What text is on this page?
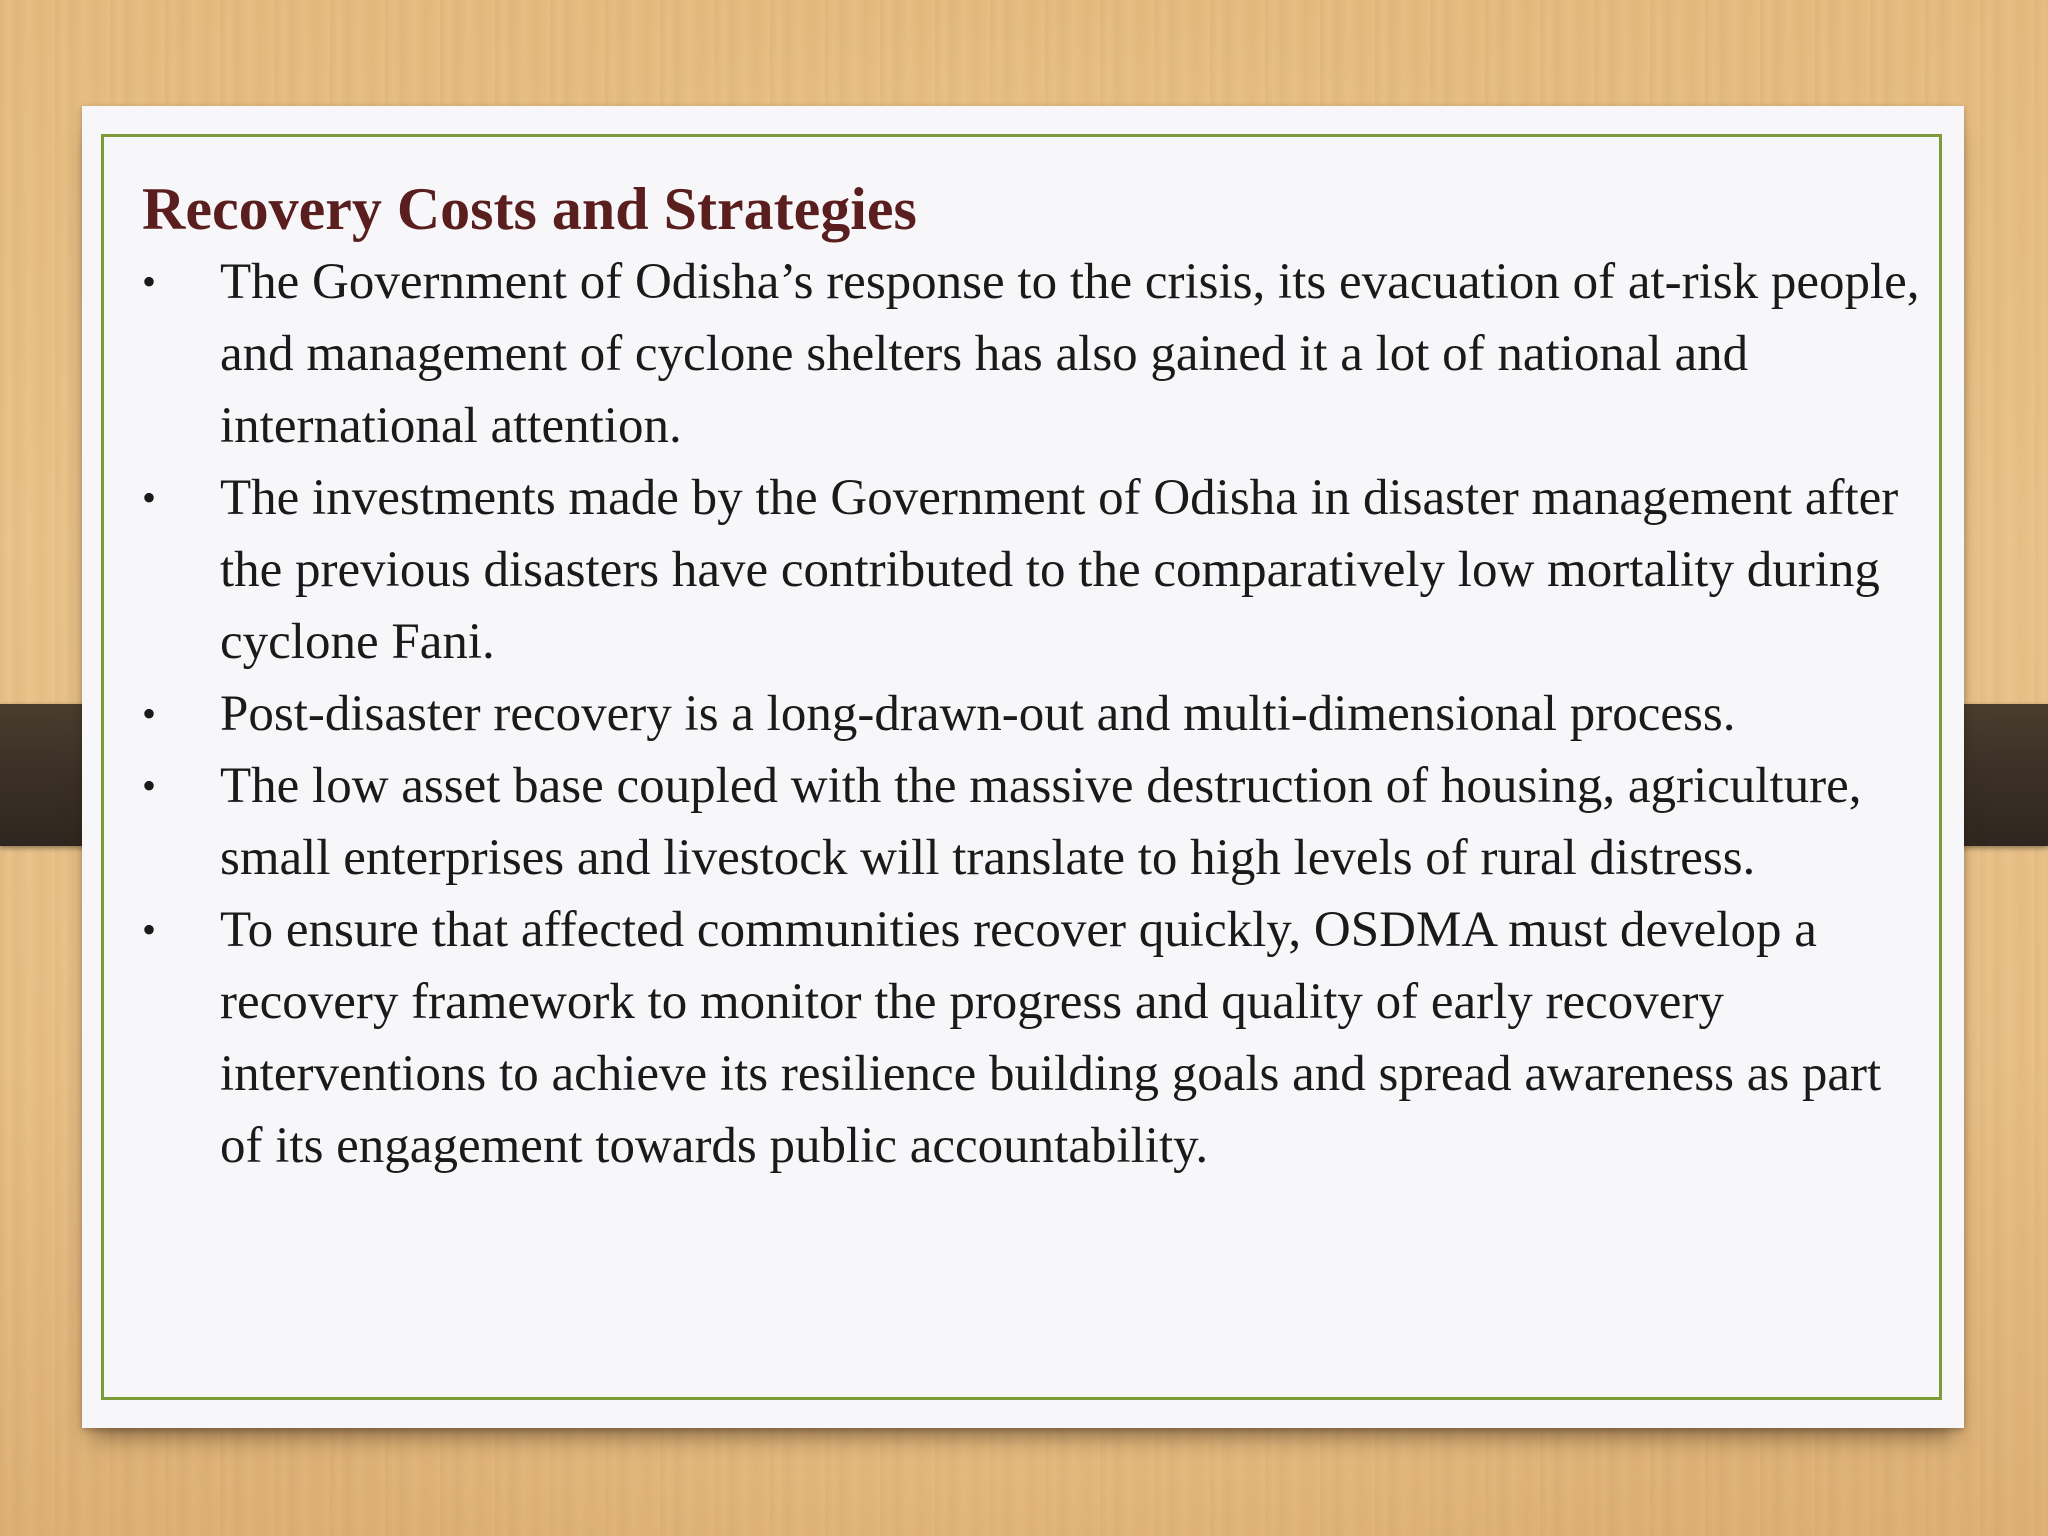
Recovery Costs and Strategies
•	The Government of Odisha’s response to the crisis, its evacuation of at-risk people, and management of cyclone shelters has also gained it a lot of national and international attention.
•	The investments made by the Government of Odisha in disaster management after the previous disasters have contributed to the comparatively low mortality during cyclone Fani.
•	Post-disaster recovery is a long-drawn-out and multi-dimensional process.
•	The low asset base coupled with the massive destruction of housing, agriculture, small enterprises and livestock will translate to high levels of rural distress.
•	To ensure that affected communities recover quickly, OSDMA must develop a recovery framework to monitor the progress and quality of early recovery interventions to achieve its resilience building goals and spread awareness as part of its engagement towards public accountability.
